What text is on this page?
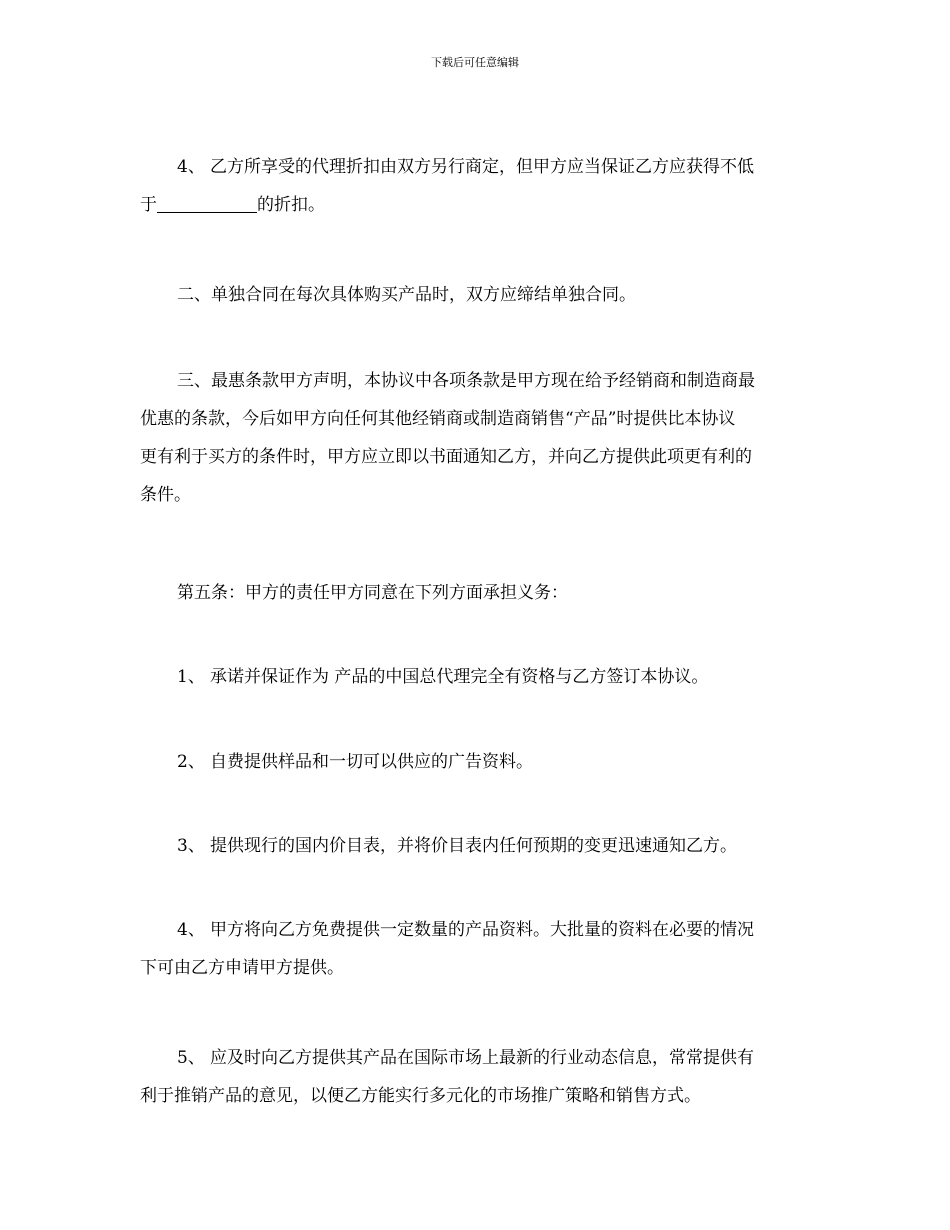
下载后可任意编辑
4、 乙方所享受的代理折扣由双方另行商定，但甲方应当保证乙方应获得不低
于	的折扣。
二、单独合同在每次具体购买产品时，双方应缔结单独合同。
三、最惠条款甲方声明，本协议中各项条款是甲方现在给予经销商和制造商最
优惠的条款，今后如甲方向任何其他经销商或制造商销售“产品”时提供比本协议
更有利于买方的条件时，甲方应立即以书面通知乙方，并向乙方提供此项更有利的
条件。
第五条：甲方的责任甲方同意在下列方面承担义务：
1、 承诺并保证作为 产品的中国总代理完全有资格与乙方签订本协议。
2、 自费提供样品和一切可以供应的广告资料。
3、 提供现行的国内价目表，并将价目表内任何预期的变更迅速通知乙方。
4、 甲方将向乙方免费提供一定数量的产品资料。大批量的资料在必要的情况
下可由乙方申请甲方提供。
5、 应及时向乙方提供其产品在国际市场上最新的行业动态信息，常常提供有
利于推销产品的意见，以便乙方能实行多元化的市场推广策略和销售方式。
